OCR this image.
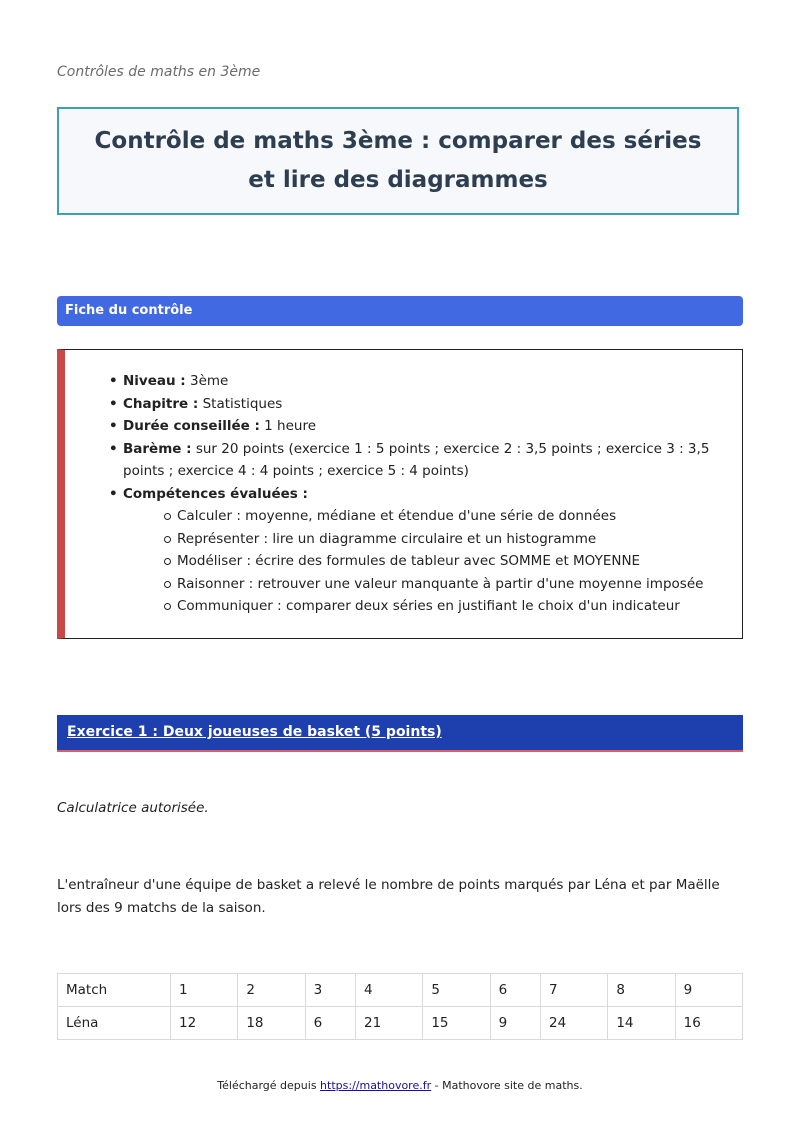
Contrôles de maths en 3ème
Contrôle de maths 3ème : comparer des séries et lire des diagrammes
Fiche du contrôle
• Niveau : 3ème
• Chapitre : Statistiques
• Durée conseillée : 1 heure
• Barème : sur 20 points (exercice 1 : 5 points ; exercice 2 : 3,5 points ; exercice 3 : 3,5 points ; exercice 4 : 4 points ; exercice 5 : 4 points)
• Compétences évaluées :
Calculer : moyenne, médiane et étendue d'une série de données
Représenter : lire un diagramme circulaire et un histogramme
Modéliser : écrire des formules de tableur avec SOMME et MOYENNE
Raisonner : retrouver une valeur manquante à partir d'une moyenne imposée
Communiquer : comparer deux séries en justifiant le choix d'un indicateur
Exercice 1 : Deux joueuses de basket (5 points)
Calculatrice autorisée.
L'entraîneur d'une équipe de basket a relevé le nombre de points marqués par Léna et par Maëlle lors des 9 matchs de la saison.
Match	1	2	3	4	5	6	7	8	9
Léna	12	18	6	21	15	9	24	14	16
Téléchargé depuis https://mathovore.fr - Mathovore site de maths.
